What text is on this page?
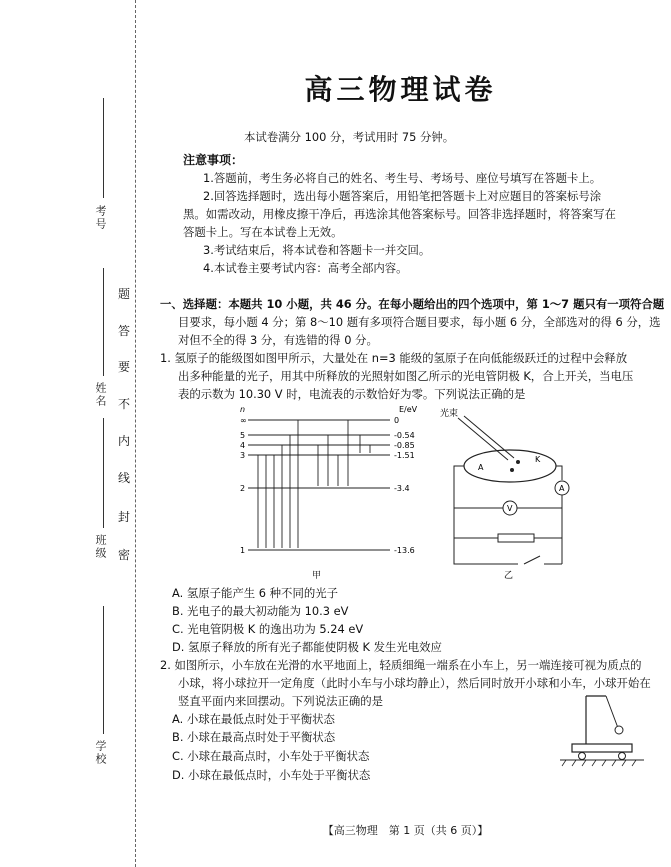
考号
姓名
班级
学校
题
答
要
不
内
线
封
密
高三物理试卷
本试卷满分 100 分，考试用时 75 分钟。
注意事项：
1.答题前，考生务必将自己的姓名、考生号、考场号、座位号填写在答题卡上。
2.回答选择题时，选出每小题答案后，用铅笔把答题卡上对应题目的答案标号涂
黑。如需改动，用橡皮擦干净后，再选涂其他答案标号。回答非选择题时，将答案写在
答题卡上。写在本试卷上无效。
3.考试结束后，将本试卷和答题卡一并交回。
4.本试卷主要考试内容：高考全部内容。
一、选择题：本题共 10 小题，共 46 分。在每小题给出的四个选项中，第 1～7 题只有一项符合题
目要求，每小题 4 分；第 8～10 题有多项符合题目要求，每小题 6 分，全部选对的得 6 分，选
对但不全的得 3 分，有选错的得 0 分。
1. 氢原子的能级图如图甲所示，大量处在 n=3 能级的氢原子在向低能级跃迁的过程中会释放
出多种能量的光子，用其中所释放的光照射如图乙所示的光电管阴极 K，合上开关，当电压
表的示数为 10.30 V 时，电流表的示数恰好为零。下列说法正确的是
n	E/eV
∞	0
5	-0.54
4	-0.85
3	-1.51
2	-3.4
1	-13.6
甲
光束
A
K
A
V
乙
A. 氢原子能产生 6 种不同的光子
B. 光电子的最大初动能为 10.3 eV
C. 光电管阴极 K 的逸出功为 5.24 eV
D. 氢原子释放的所有光子都能使阴极 K 发生光电效应
2. 如图所示，小车放在光滑的水平地面上，轻质细绳一端系在小车上，另一端连接可视为质点的
小球，将小球拉开一定角度（此时小车与小球均静止），然后同时放开小球和小车，小球开始在
竖直平面内来回摆动。下列说法正确的是
A. 小球在最低点时处于平衡状态
B. 小球在最高点时处于平衡状态
C. 小球在最高点时，小车处于平衡状态
D. 小球在最低点时，小车处于平衡状态
【高三物理　第 1 页（共 6 页）】
